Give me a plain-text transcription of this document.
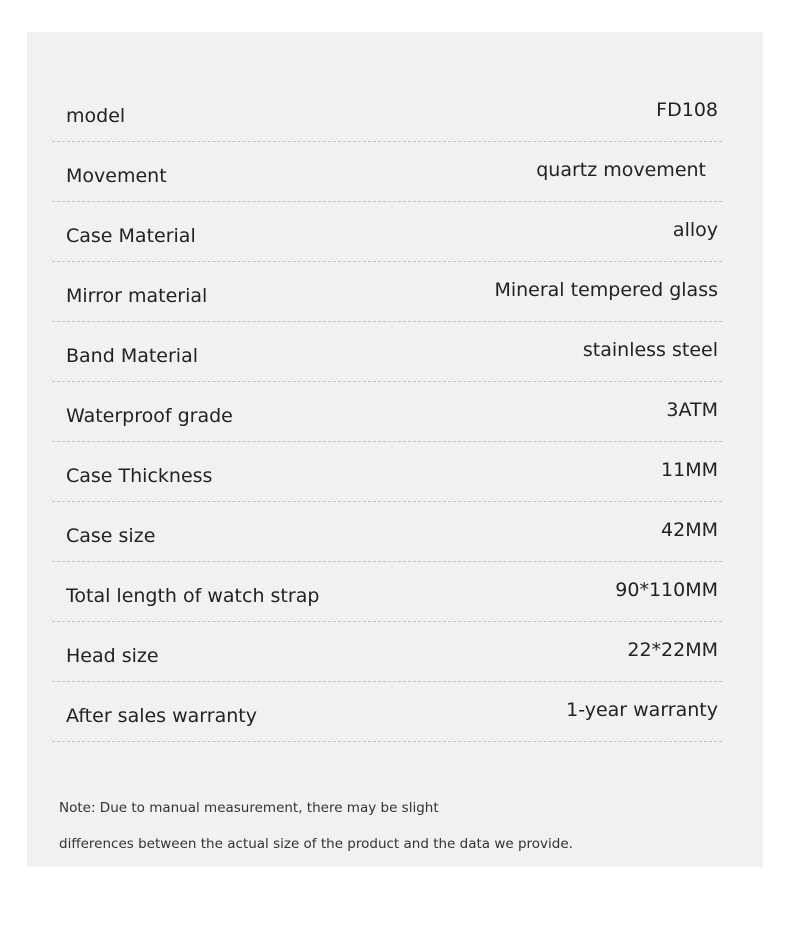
model	FD108
Movement	quartz movement
Case Material	alloy
Mirror material	Mineral tempered glass
Band Material	stainless steel
Waterproof grade	3ATM
Case Thickness	11MM
Case size	42MM
Total length of watch strap	90*110MM
Head size	22*22MM
After sales warranty	1-year warranty
Note: Due to manual measurement, there may be slight
differences between the actual size of the product and the data we provide.
